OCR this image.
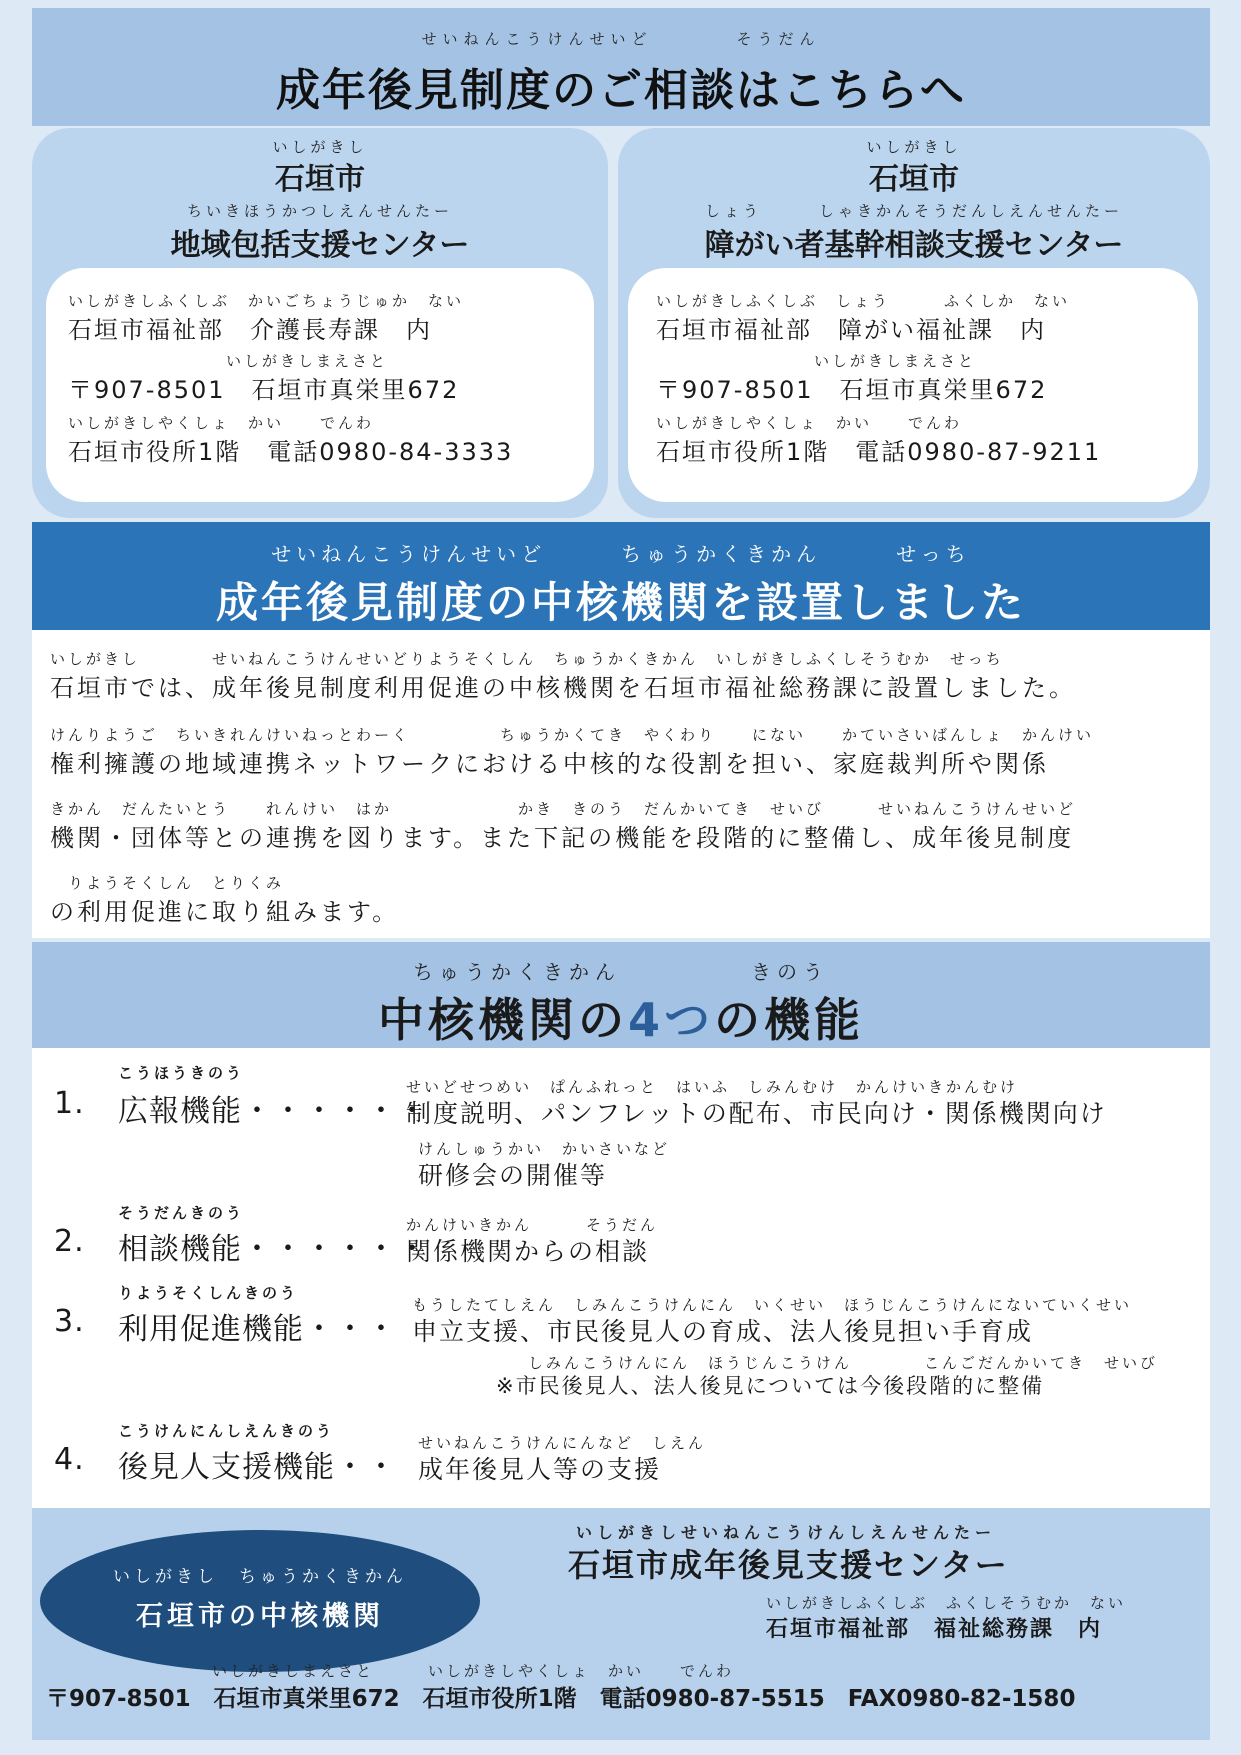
せいねんこうけんせいど　　　　そうだん
成年後見制度のご相談はこちらへ
いしがきし
石垣市
ちいきほうかつしえんせんたー
地域包括支援センター
いしがきしふくしぶ　かいごちょうじゅか　ない
石垣市福祉部　介護長寿課　内
いしがきしまえさと
〒907-8501　石垣市真栄里672
いしがきしやくしょ　かい　　でんわ
石垣市役所1階　電話0980-84-3333
いしがきし
石垣市
しょう　　　しゃきかんそうだんしえんせんたー
障がい者基幹相談支援センター
いしがきしふくしぶ　しょう　　　ふくしか　ない
石垣市福祉部　障がい福祉課　内
いしがきしまえさと
〒907-8501　石垣市真栄里672
いしがきしやくしょ　かい　　でんわ
石垣市役所1階　電話0980-87-9211
せいねんこうけんせいど　　　ちゅうかくきかん　　　せっち
成年後見制度の中核機関を設置しました
いしがきし　　　　せいねんこうけんせいどりようそくしん　ちゅうかくきかん　いしがきしふくしそうむか　せっち
石垣市では、成年後見制度利用促進の中核機関を石垣市福祉総務課に設置しました。
けんりようご　ちいきれんけいねっとわーく　　　　　ちゅうかくてき　やくわり　　にない　　かていさいばんしょ　かんけい
権利擁護の地域連携ネットワークにおける中核的な役割を担い、家庭裁判所や関係
きかん　だんたいとう　　れんけい　はか　　　　　　　かき　きのう　だんかいてき　せいび　　　せいねんこうけんせいど
機関・団体等との連携を図ります。また下記の機能を段階的に整備し、成年後見制度
　りようそくしん　とりくみ
の利用促進に取り組みます。
ちゅうかくきかん　　　　　きのう
中核機関の4つの機能
こうほうきのう
1. 広報機能・・・・・・
せいどせつめい　ぱんふれっと　はいふ　しみんむけ　かんけいきかんむけ
制度説明、パンフレットの配布、市民向け・関係機関向け
けんしゅうかい　かいさいなど
研修会の開催等
そうだんきのう
2. 相談機能・・・・・・
かんけいきかん　　　そうだん
関係機関からの相談
りようそくしんきのう
3. 利用促進機能・・・
もうしたてしえん　しみんこうけんにん　いくせい　ほうじんこうけんにないていくせい
申立支援、市民後見人の育成、法人後見担い手育成
しみんこうけんにん　ほうじんこうけん　　　　こんごだんかいてき　せいび
※市民後見人、法人後見については今後段階的に整備
こうけんにんしえんきのう
4. 後見人支援機能・・
せいねんこうけんにんなど　しえん
成年後見人等の支援
いしがきし　ちゅうかくきかん
石垣市の中核機関
いしがきしせいねんこうけんしえんせんたー
石垣市成年後見支援センター
いしがきしふくしぶ　ふくしそうむか　ない
石垣市福祉部　福祉総務課　内
いしがきしまえさと　　　いしがきしやくしょ　かい　　でんわ
〒907-8501　石垣市真栄里672　石垣市役所1階　電話0980-87-5515　FAX0980-82-1580
